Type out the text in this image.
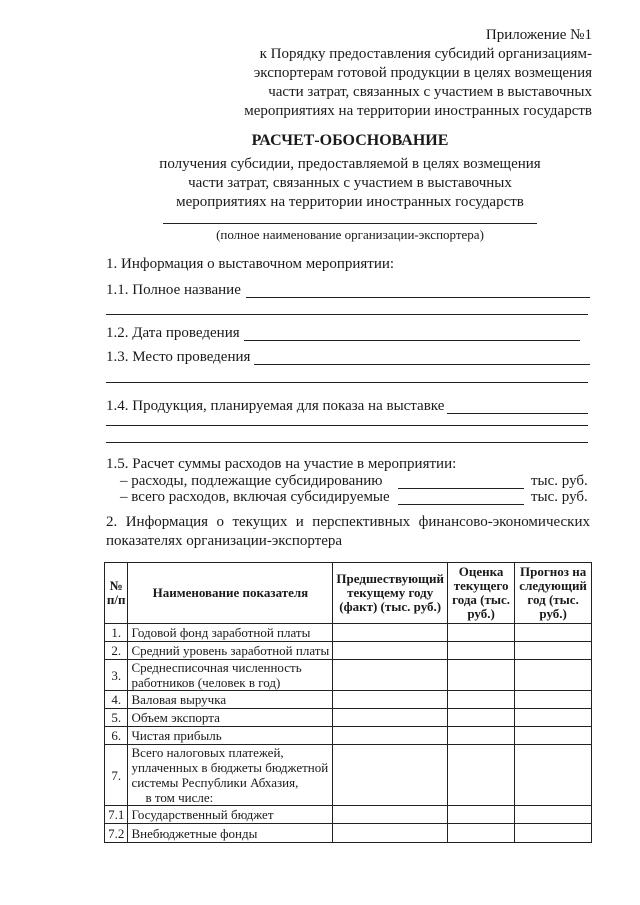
Приложение №1
к Порядку предоставления субсидий организациям-
экспортерам готовой продукции в целях возмещения
части затрат, связанных с участием в выставочных
мероприятиях на территории иностранных государств
РАСЧЕТ-ОБОСНОВАНИЕ
получения субсидии, предоставляемой в целях возмещения
части затрат, связанных с участием в выставочных
мероприятиях на территории иностранных государств
(полное наименование организации-экспортера)
1. Информация о выставочном мероприятии:
1.1. Полное название
1.2. Дата проведения
1.3. Место проведения
1.4. Продукция, планируемая для показа на выставке
1.5. Расчет суммы расходов на участие в мероприятии:
– расходы, подлежащие субсидированию	тыс. руб.
– всего расходов, включая субсидируемые	тыс. руб.
2. Информация о текущих и перспективных финансово-экономических показателях организации-экспортера
№ п/п	Наименование показателя	Предшествующий текущему году (факт) (тыс. руб.)	Оценка текущего года (тыс. руб.)	Прогноз на следующий год (тыс. руб.)
1.	Годовой фонд заработной платы			
2.	Средний уровень заработной платы			
3.	Среднесписочная численность работников (человек в год)			
4.	Валовая выручка			
5.	Объем экспорта			
6.	Чистая прибыль			
7.	Всего налоговых платежей, уплаченных в бюджеты бюджетной системы Республики Абхазия,
в том числе:			

7.1	Государственный бюджет			
7.2	Внебюджетные фонды			
